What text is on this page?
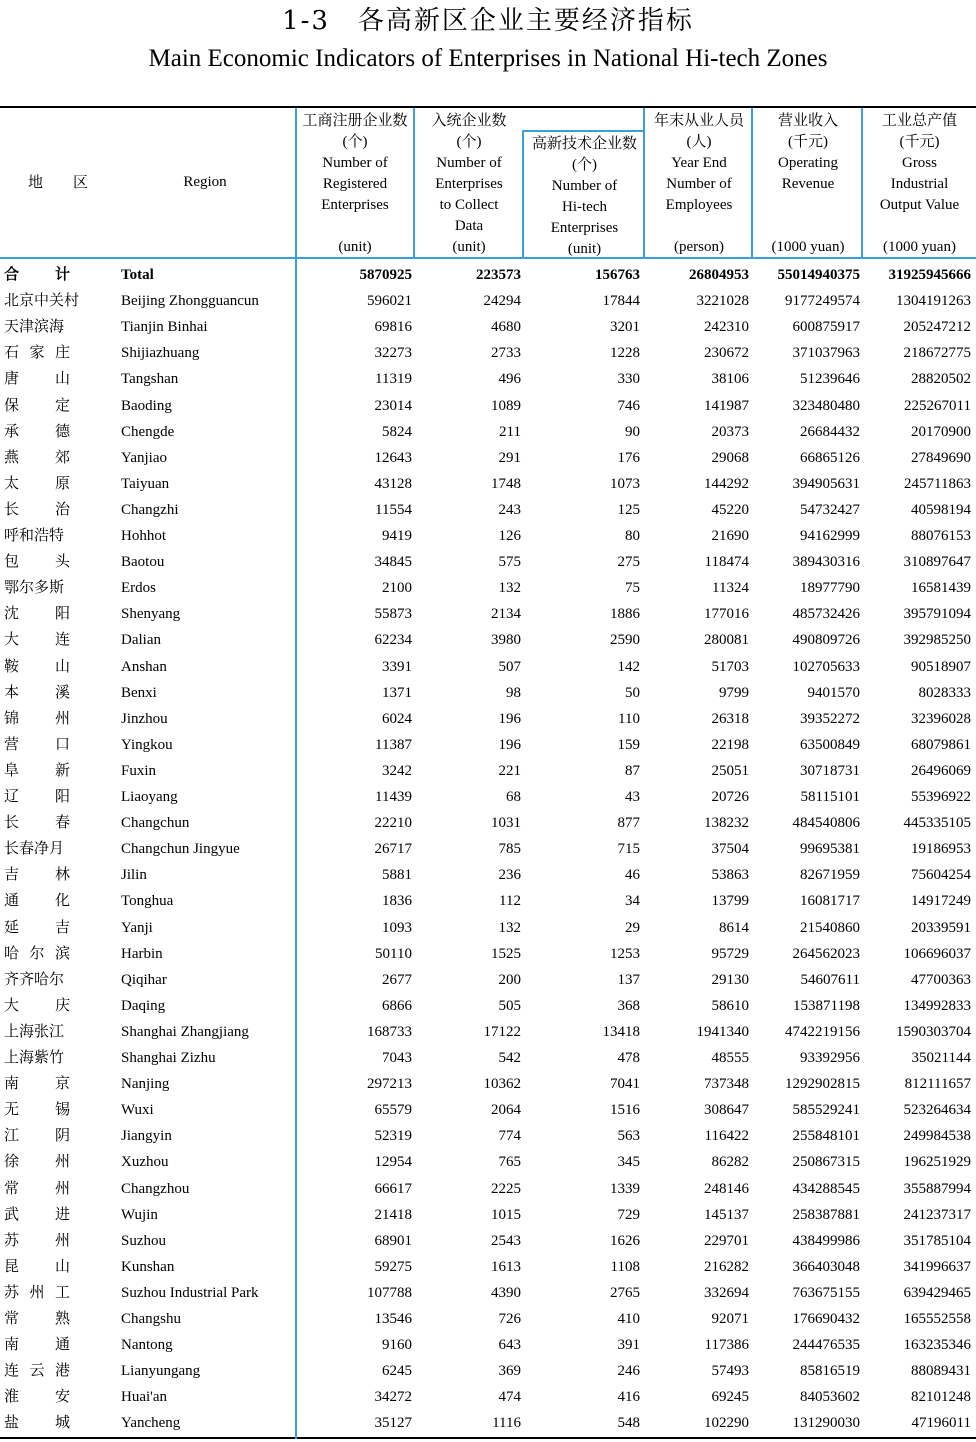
1-3　各高新区企业主要经济指标
Main Economic Indicators of Enterprises in National Hi-tech Zones
地　　区	Region
工商注册企业数
(个)
Number of
Registered
Enterprises

(unit)
入统企业数
(个)
Number of
Enterprises
to Collect
Data
(unit)
高新技术企业数
(个)
Number of
Hi-tech
Enterprises
(unit)
年末从业人员
(人)
Year End
Number of
Employees

(person)
营业收入
(千元)
Operating
Revenue

(1000 yuan)
工业总产值
(千元)
Gross
Industrial
Output Value

(1000 yuan)
合 计	Total	5870925	223573	156763	26804953 55014940375 31925945666
北京中关村	Beijing Zhongguancun	596021	24294	17844	3221028 9177249574 1304191263
天津滨海	Tianjin Binhai	69816	4680	3201	242310	600875917	205247212
石 家 庄	Shijiazhuang	32273	2733	1228	230672	371037963	218672775
唐 山	Tangshan	11319	496	330	38106	51239646	28820502
保 定	Baoding	23014	1089	746	141987	323480480	225267011
承 德	Chengde	5824	211	90	20373	26684432	20170900
燕 郊	Yanjiao	12643	291	176	29068	66865126	27849690
太 原	Taiyuan	43128	1748	1073	144292	394905631	245711863
长 治	Changzhi	11554	243	125	45220	54732427	40598194
呼和浩特	Hohhot	9419	126	80	21690	94162999	88076153
包 头	Baotou	34845	575	275	118474	389430316	310897647
鄂尔多斯	Erdos	2100	132	75	11324	18977790	16581439
沈 阳	Shenyang	55873	2134	1886	177016	485732426	395791094
大 连	Dalian	62234	3980	2590	280081	490809726	392985250
鞍 山	Anshan	3391	507	142	51703	102705633	90518907
本 溪	Benxi	1371	98	50	9799	9401570	8028333
锦 州	Jinzhou	6024	196	110	26318	39352272	32396028
营 口	Yingkou	11387	196	159	22198	63500849	68079861
阜 新	Fuxin	3242	221	87	25051	30718731	26496069
辽 阳	Liaoyang	11439	68	43	20726	58115101	55396922
长 春	Changchun	22210	1031	877	138232	484540806	445335105
长春净月	Changchun Jingyue	26717	785	715	37504	99695381	19186953
吉 林	Jilin	5881	236	46	53863	82671959	75604254
通 化	Tonghua	1836	112	34	13799	16081717	14917249
延 吉	Yanji	1093	132	29	8614	21540860	20339591
哈 尔 滨	Harbin	50110	1525	1253	95729	264562023	106696037
齐齐哈尔	Qiqihar	2677	200	137	29130	54607611	47700363
大 庆	Daqing	6866	505	368	58610	153871198	134992833
上海张江	Shanghai Zhangjiang	168733	17122	13418	1941340 4742219156 1590303704
上海紫竹	Shanghai Zizhu	7043	542	478	48555	93392956	35021144
南 京	Nanjing	297213	10362	7041	737348 1292902815	812111657
无 锡	Wuxi	65579	2064	1516	308647	585529241	523264634
江 阴	Jiangyin	52319	774	563	116422	255848101	249984538
徐 州	Xuzhou	12954	765	345	86282	250867315	196251929
常 州	Changzhou	66617	2225	1339	248146	434288545	355887994
武 进	Wujin	21418	1015	729	145137	258387881	241237317
苏 州	Suzhou	68901	2543	1626	229701	438499986	351785104
昆 山	Kunshan	59275	1613	1108	216282	366403048	341996637
苏 州 工	Suzhou Industrial Park	107788	4390	2765	332694	763675155	639429465
常 熟	Changshu	13546	726	410	92071	176690432	165552558
南 通	Nantong	9160	643	391	117386	244476535	163235346
连 云 港	Lianyungang	6245	369	246	57493	85816519	88089431
淮 安	Huai'an	34272	474	416	69245	84053602	82101248
盐 城	Yancheng	35127	1116	548	102290	131290030	47196011
